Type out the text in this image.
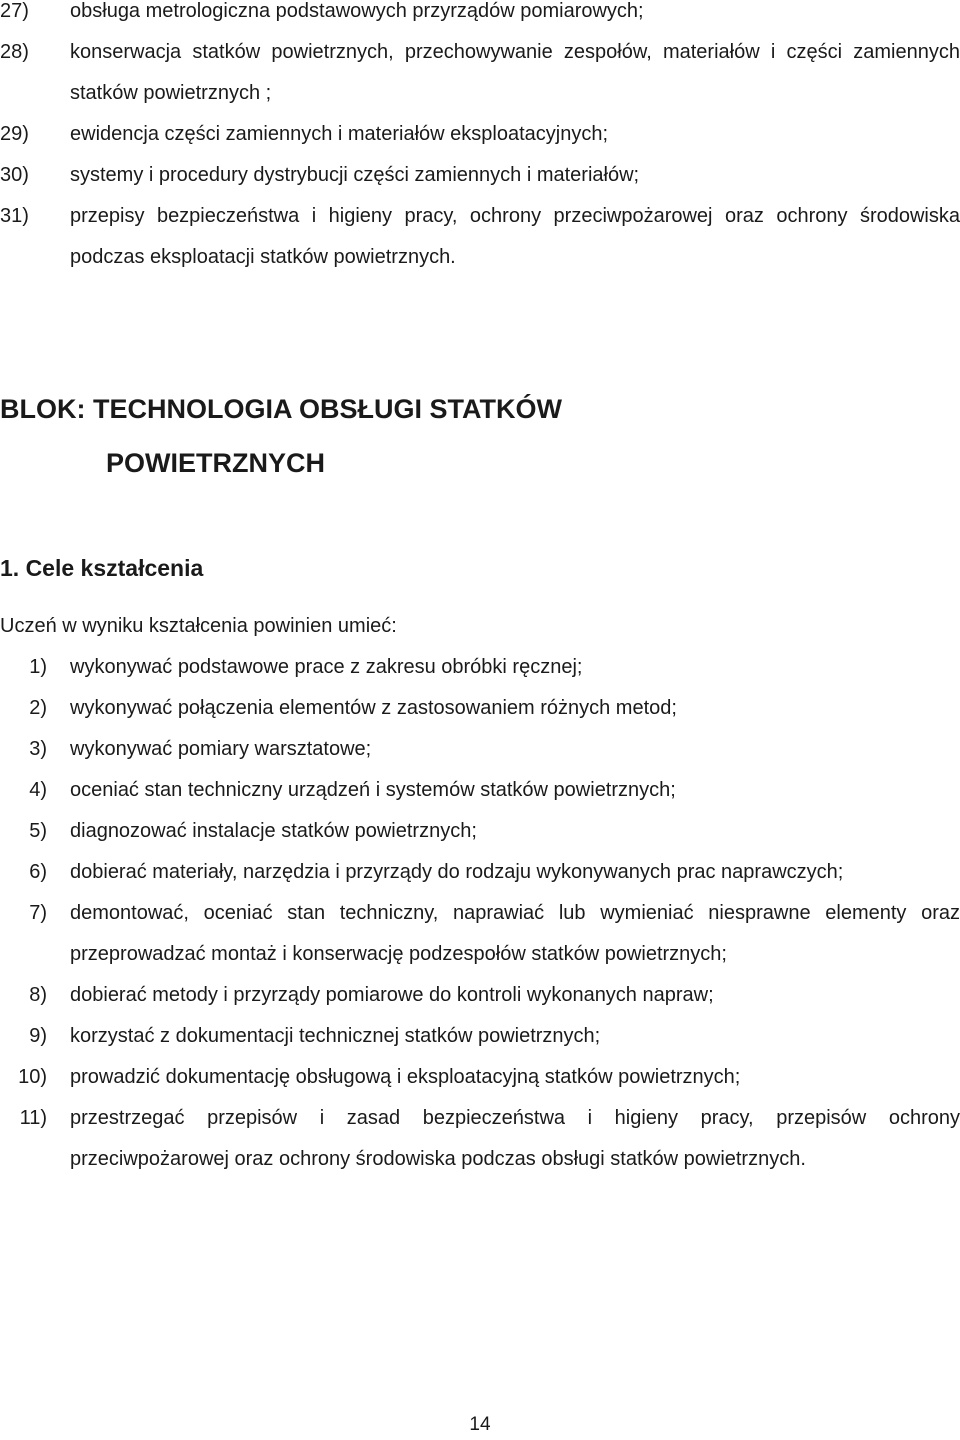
27)	obsługa metrologiczna podstawowych przyrządów pomiarowych;
28)	konserwacja statków powietrznych, przechowywanie zespołów, materiałów i części zamiennych statków powietrznych ;
29)	ewidencja części zamiennych i materiałów eksploatacyjnych;
30)	systemy i procedury dystrybucji części zamiennych i materiałów;
31)	przepisy bezpieczeństwa i higieny pracy, ochrony przeciwpożarowej oraz ochrony środowiska podczas eksploatacji statków powietrznych.
BLOK: TECHNOLOGIA OBSŁUGI STATKÓW
POWIETRZNYCH
1. Cele kształcenia

Uczeń w wyniku kształcenia powinien umieć:

1)	wykonywać podstawowe prace z zakresu obróbki ręcznej;
2)	wykonywać połączenia elementów z zastosowaniem różnych metod;
3)	wykonywać pomiary warsztatowe;
4)	oceniać stan techniczny urządzeń i systemów statków powietrznych;
5)	diagnozować instalacje statków powietrznych;
6)	dobierać materiały, narzędzia i przyrządy do rodzaju wykonywanych prac naprawczych;
7)	demontować, oceniać stan techniczny, naprawiać lub wymieniać niesprawne elementy oraz przeprowadzać montaż i konserwację podzespołów statków powietrznych;
8)	dobierać metody i przyrządy pomiarowe do kontroli wykonanych napraw;
9)	korzystać z dokumentacji technicznej statków powietrznych;
10)	prowadzić dokumentację obsługową i eksploatacyjną statków powietrznych;
11)	przestrzegać przepisów i zasad bezpieczeństwa i higieny pracy, przepisów ochrony przeciwpożarowej oraz ochrony środowiska podczas obsługi statków powietrznych.
14
